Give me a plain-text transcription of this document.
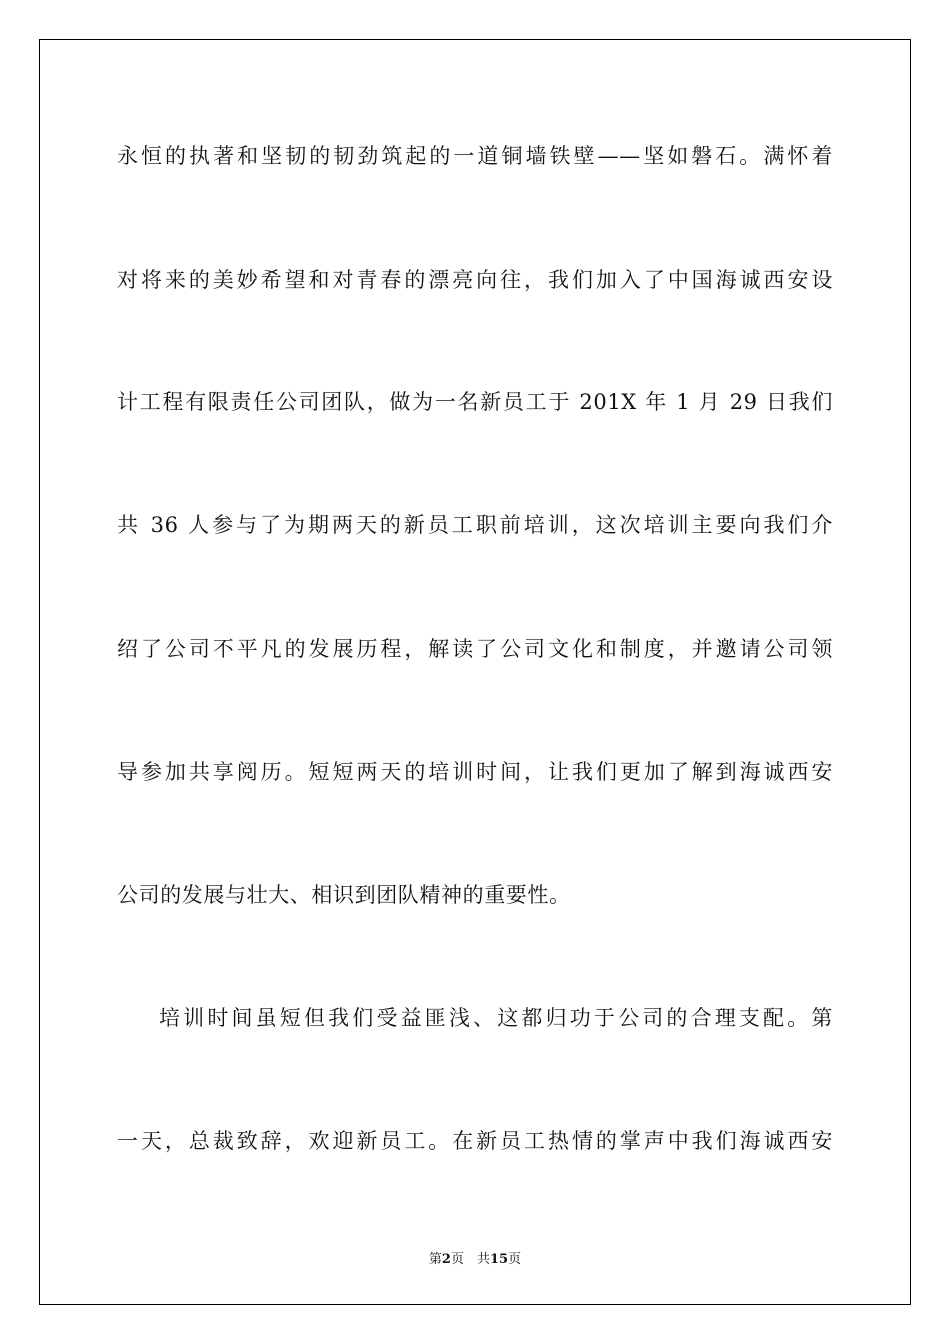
永恒的执著和坚韧的韧劲筑起的一道铜墙铁壁——坚如磐石。满怀着
对将来的美妙希望和对青春的漂亮向往，我们加入了中国海诚西安设
计工程有限责任公司团队，做为一名新员工于 201X 年 1 月 29 日我们
共 36 人参与了为期两天的新员工职前培训，这次培训主要向我们介
绍了公司不平凡的发展历程，解读了公司文化和制度，并邀请公司领
导参加共享阅历。短短两天的培训时间，让我们更加了解到海诚西安
公司的发展与壮大、相识到团队精神的重要性。
培训时间虽短但我们受益匪浅、这都归功于公司的合理支配。第
一天，总裁致辞，欢迎新员工。在新员工热情的掌声中我们海诚西安
第2页　共15页
